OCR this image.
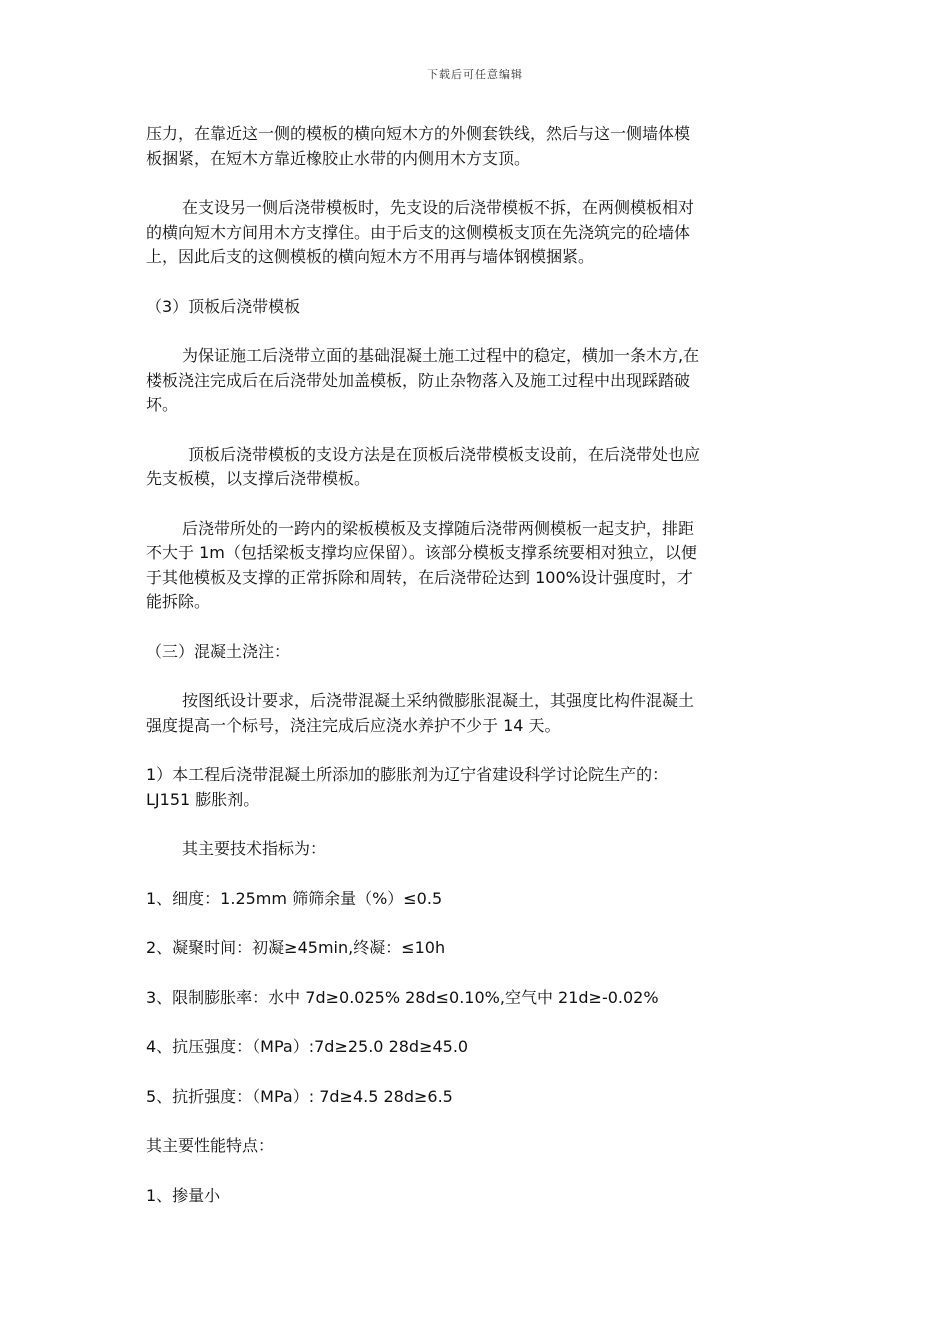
下载后可任意编辑
压力，在靠近这一侧的模板的横向短木方的外侧套铁线，然后与这一侧墙体模
板捆紧，在短木方靠近橡胶止水带的内侧用木方支顶。
在支设另一侧后浇带模板时，先支设的后浇带模板不拆，在两侧模板相对
的横向短木方间用木方支撑住。由于后支的这侧模板支顶在先浇筑完的砼墙体
上，因此后支的这侧模板的横向短木方不用再与墙体钢模捆紧。
（3）顶板后浇带模板
为保证施工后浇带立面的基础混凝土施工过程中的稳定，横加一条木方,在
楼板浇注完成后在后浇带处加盖模板，防止杂物落入及施工过程中出现踩踏破
坏。
顶板后浇带模板的支设方法是在顶板后浇带模板支设前，在后浇带处也应
先支板模，以支撑后浇带模板。
后浇带所处的一跨内的梁板模板及支撑随后浇带两侧模板一起支护，排距
不大于 1m（包括梁板支撑均应保留）。该部分模板支撑系统要相对独立，以便
于其他模板及支撑的正常拆除和周转，在后浇带砼达到 100%设计强度时，才
能拆除。
（三）混凝土浇注：
按图纸设计要求，后浇带混凝土采纳微膨胀混凝土，其强度比构件混凝土
强度提高一个标号，浇注完成后应浇水养护不少于 14 天。
1）本工程后浇带混凝土所添加的膨胀剂为辽宁省建设科学讨论院生产的：
LJ151 膨胀剂。
其主要技术指标为：
1、细度：1.25mm 筛筛余量（%）≤0.5
2、凝聚时间：初凝≥45min,终凝：≤10h
3、限制膨胀率：水中 7d≥0.025% 28d≤0.10%,空气中 21d≥-0.02%
4、抗压强度：（MPa）:7d≥25.0 28d≥45.0
5、抗折强度：（MPa）: 7d≥4.5 28d≥6.5
其主要性能特点：
1、掺量小
